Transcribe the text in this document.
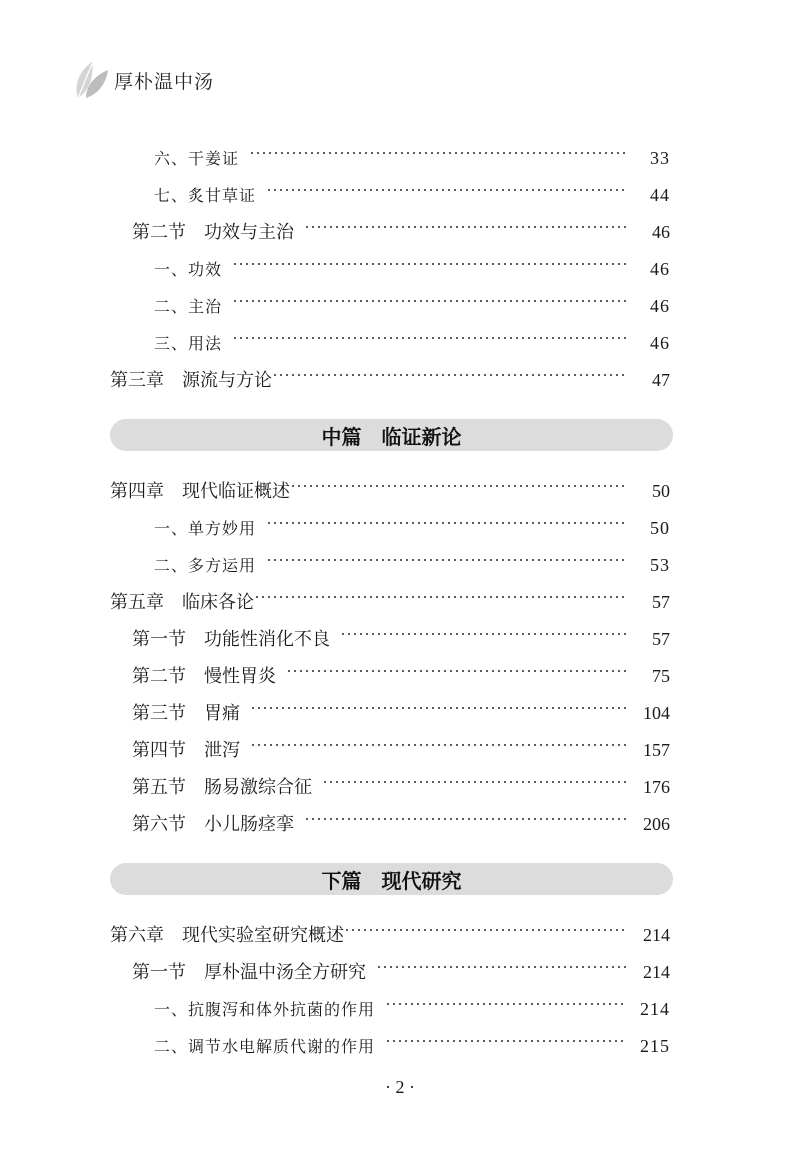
厚朴温中汤
六、干姜证	33
七、炙甘草证	44
第二节　功效与主治	46
一、功效	46
二、主治	46
三、用法	46
第三章　源流与方论	47
中篇　临证新论
第四章　现代临证概述	50
一、单方妙用	50
二、多方运用	53
第五章　临床各论	57
第一节　功能性消化不良	57
第二节　慢性胃炎	75
第三节　胃痛	104
第四节　泄泻	157
第五节　肠易激综合征	176
第六节　小儿肠痉挛	206
下篇　现代研究
第六章　现代实验室研究概述	214
第一节　厚朴温中汤全方研究	214
一、抗腹泻和体外抗菌的作用	214
二、调节水电解质代谢的作用	215
· 2 ·
